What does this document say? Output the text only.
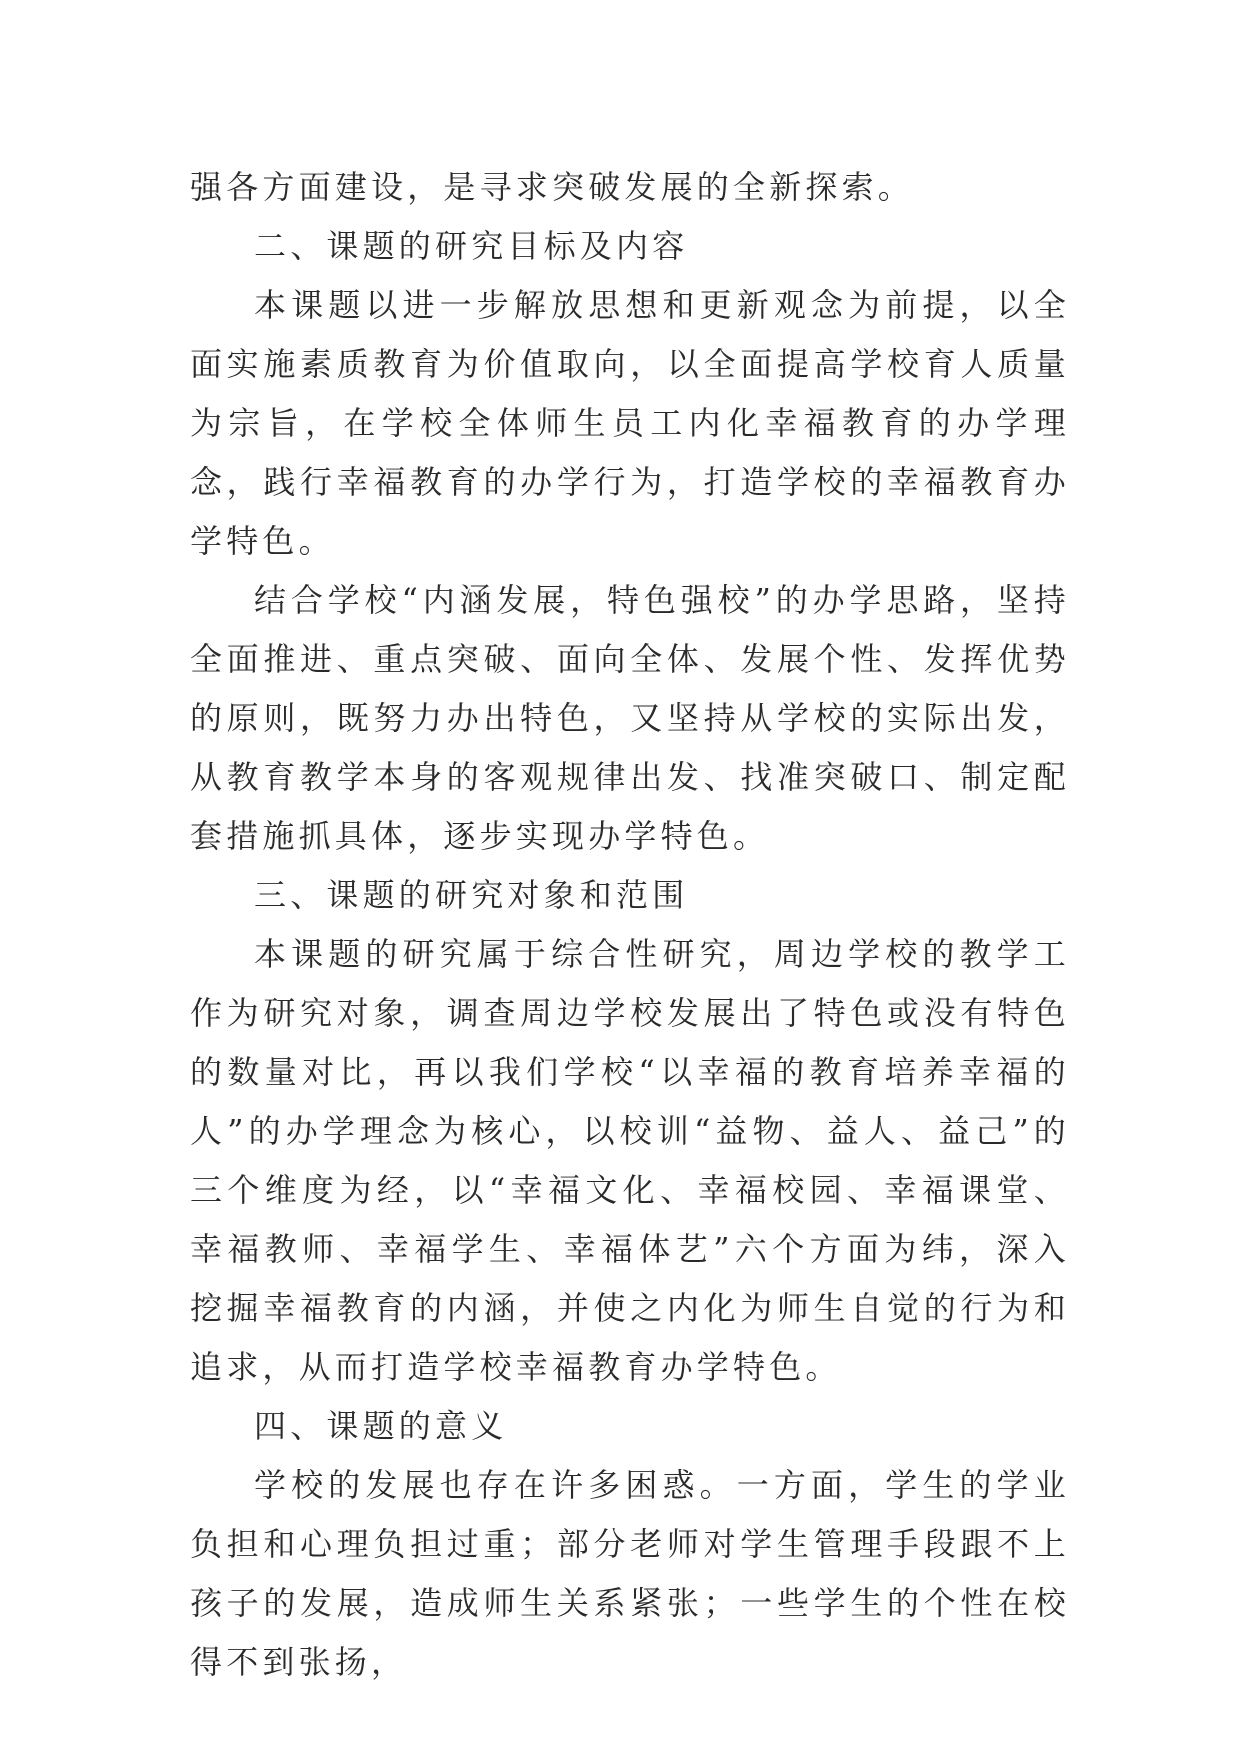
强各方面建设，是寻求突破发展的全新探索。

二、课题的研究目标及内容

本课题以进一步解放思想和更新观念为前提，以全面实施素质教育为价值取向，以全面提高学校育人质量为宗旨，在学校全体师生员工内化幸福教育的办学理念，践行幸福教育的办学行为，打造学校的幸福教育办学特色。

结合学校“内涵发展，特色强校”的办学思路，坚持全面推进、重点突破、面向全体、发展个性、发挥优势的原则，既努力办出特色，又坚持从学校的实际出发，从教育教学本身的客观规律出发、找准突破口、制定配套措施抓具体，逐步实现办学特色。

三、课题的研究对象和范围

本课题的研究属于综合性研究，周边学校的教学工作为研究对象，调查周边学校发展出了特色或没有特色的数量对比，再以我们学校“以幸福的教育培养幸福的人”的办学理念为核心，以校训“益物、益人、益己”的三个维度为经，以“幸福文化、幸福校园、幸福课堂、幸福教师、幸福学生、幸福体艺”六个方面为纬，深入挖掘幸福教育的内涵，并使之内化为师生自觉的行为和追求，从而打造学校幸福教育办学特色。

四、课题的意义

学校的发展也存在许多困惑。一方面，学生的学业负担和心理负担过重；部分老师对学生管理手段跟不上孩子的发展，造成师生关系紧张；一些学生的个性在校得不到张扬，
